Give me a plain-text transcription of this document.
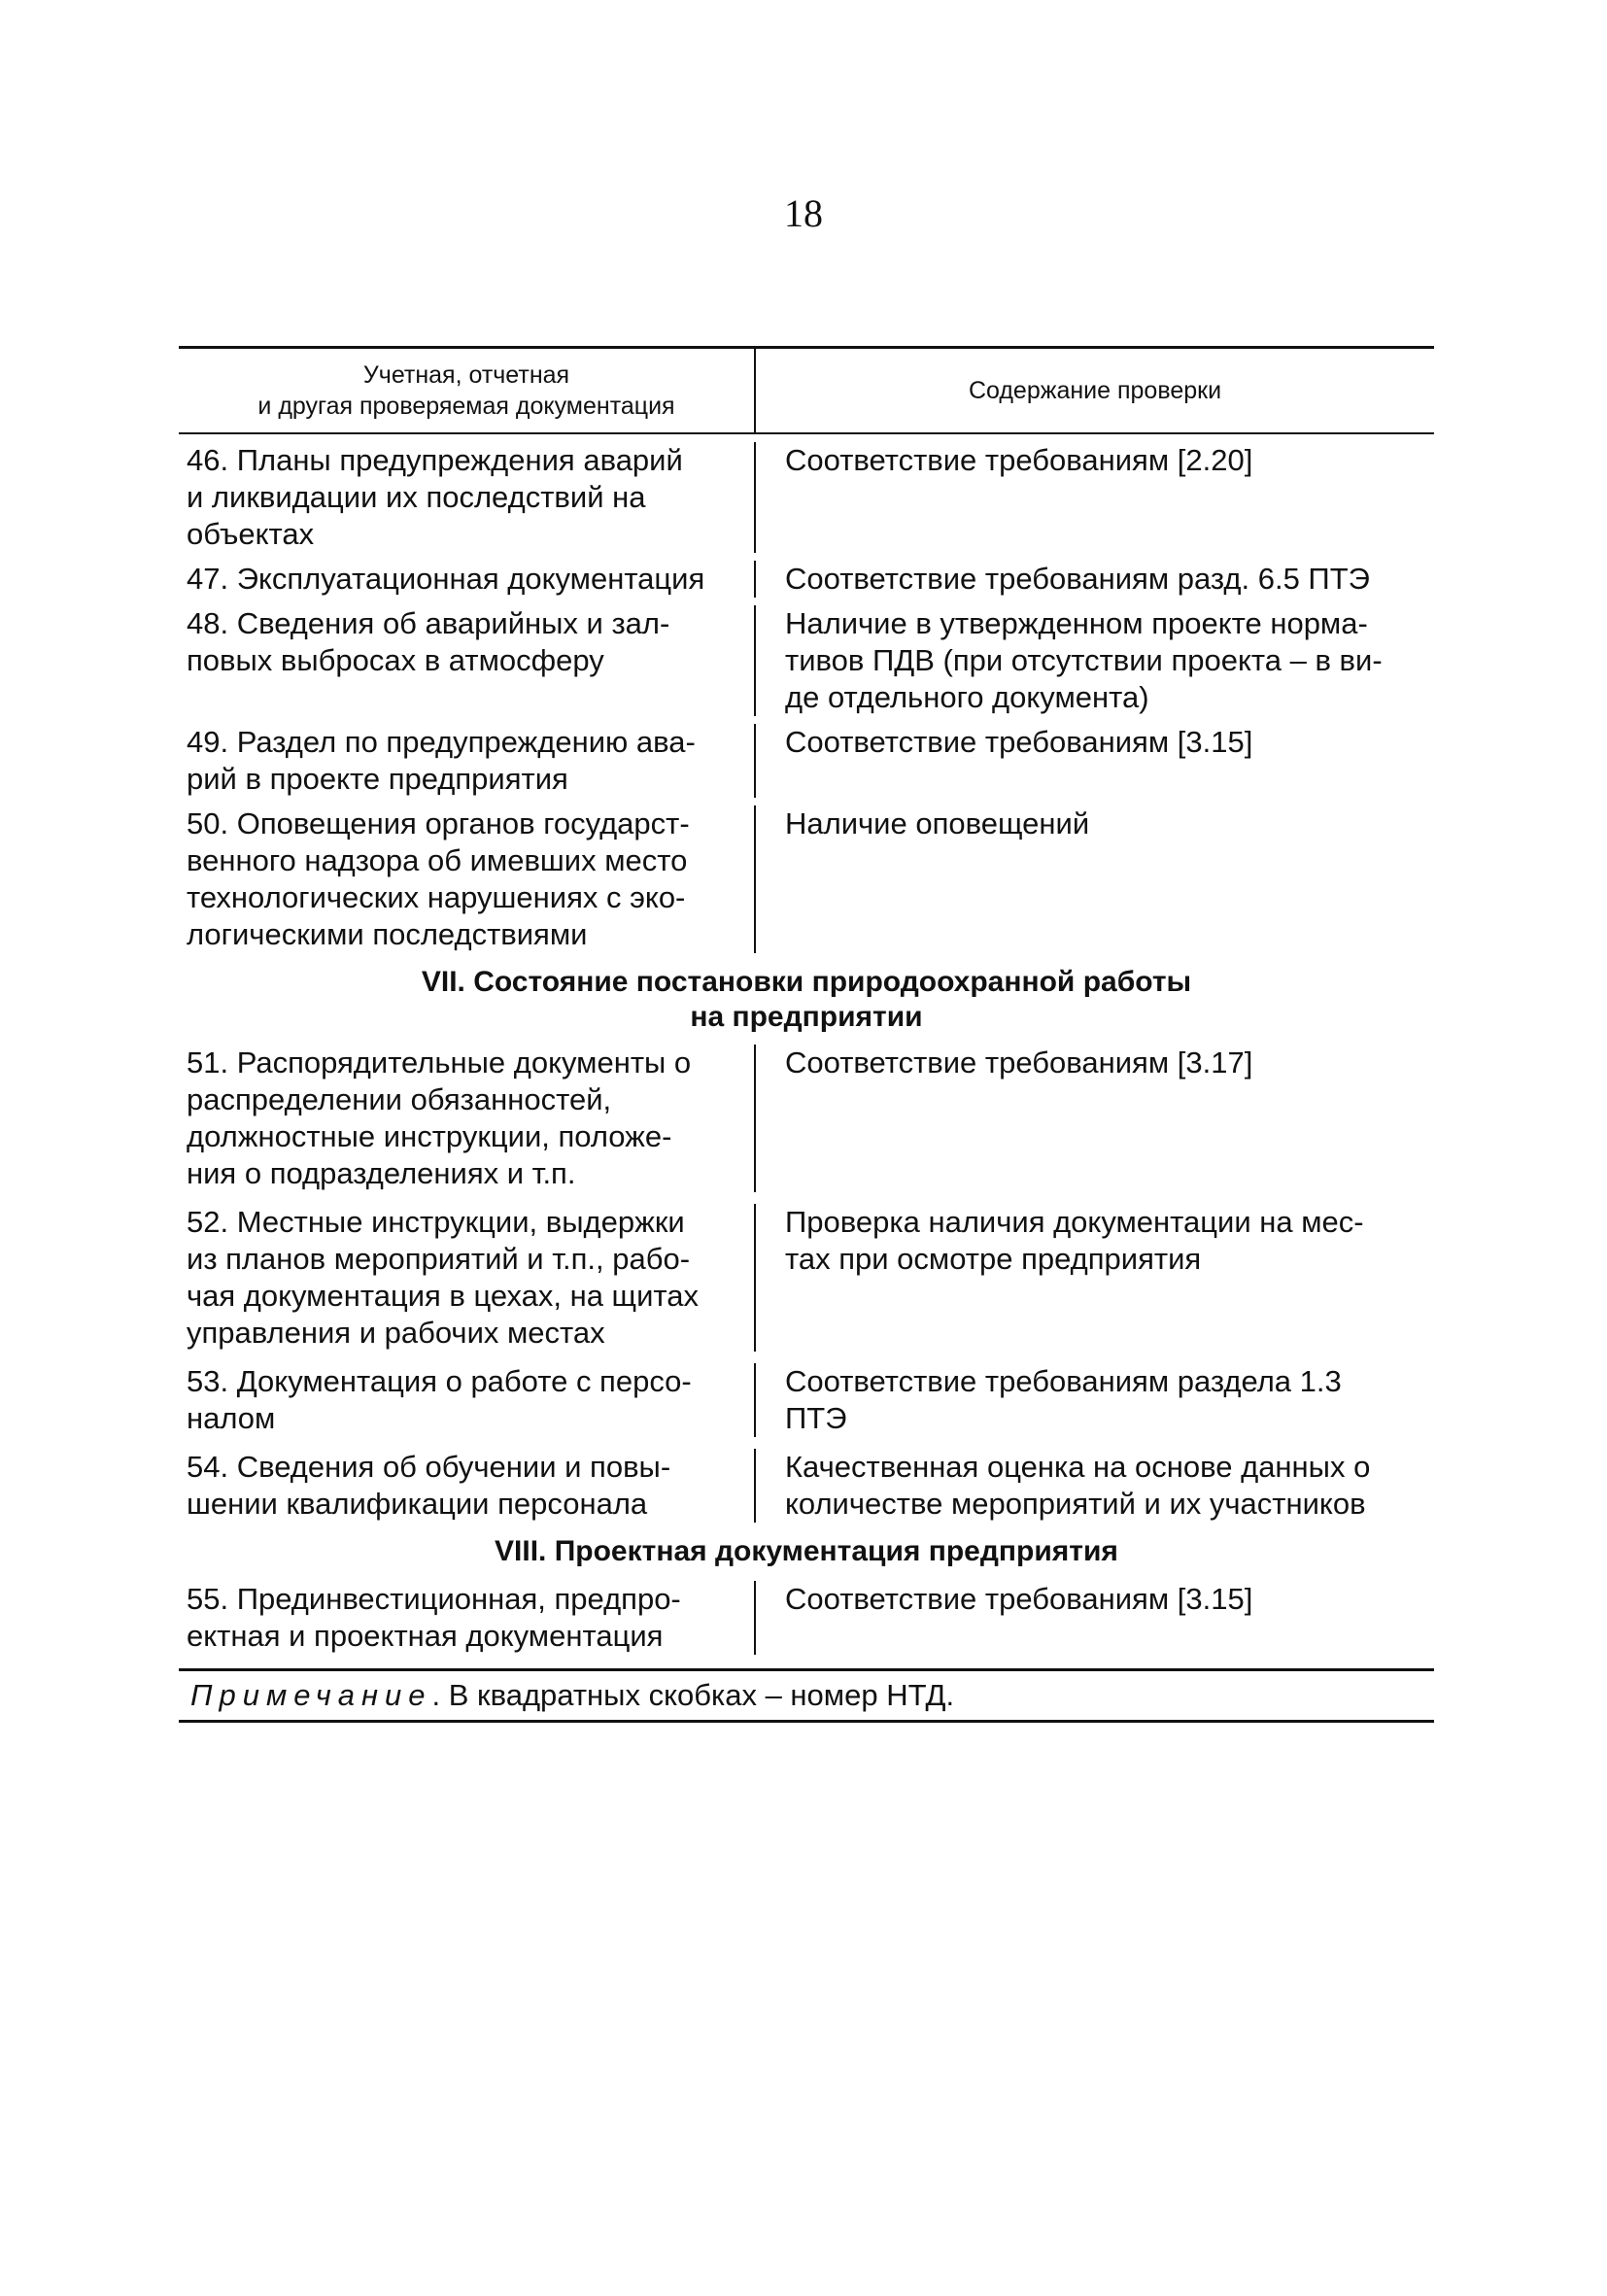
18
Учетная, отчетная
и другая проверяемая документация
Содержание проверки
46. Планы предупреждения аварий
и ликвидации их последствий на
объектах
Соответствие требованиям [2.20]
47. Эксплуатационная документация	Соответствие требованиям разд. 6.5 ПТЭ
48. Сведения об аварийных и зал-
повых выбросах в атмосферу
Наличие в утвержденном проекте норма-
тивов ПДВ (при отсутствии проекта – в ви-
де отдельного документа)
49. Раздел по предупреждению ава-
рий в проекте предприятия
Соответствие требованиям [3.15]
50. Оповещения органов государст-
венного надзора об имевших место
технологических нарушениях с эко-
логическими последствиями
Наличие оповещений
VII. Состояние постановки природоохранной работы
на предприятии
51. Распорядительные документы о
распределении обязанностей,
должностные инструкции, положе-
ния о подразделениях и т.п.
Соответствие требованиям [3.17]
52. Местные инструкции, выдержки
из планов мероприятий и т.п., рабо-
чая документация в цехах, на щитах
управления и рабочих местах
Проверка наличия документации на мес-
тах при осмотре предприятия
53. Документация о работе с персо-
налом
Соответствие требованиям раздела 1.3
ПТЭ
54. Сведения об обучении и повы-
шении квалификации персонала
Качественная оценка на основе данных о
количестве мероприятий и их участников
VIII. Проектная документация предприятия
55. Прединвестиционная, предпро-
ектная и проектная документация
Соответствие требованиям [3.15]
Примечание. В квадратных скобках – номер НТД.
